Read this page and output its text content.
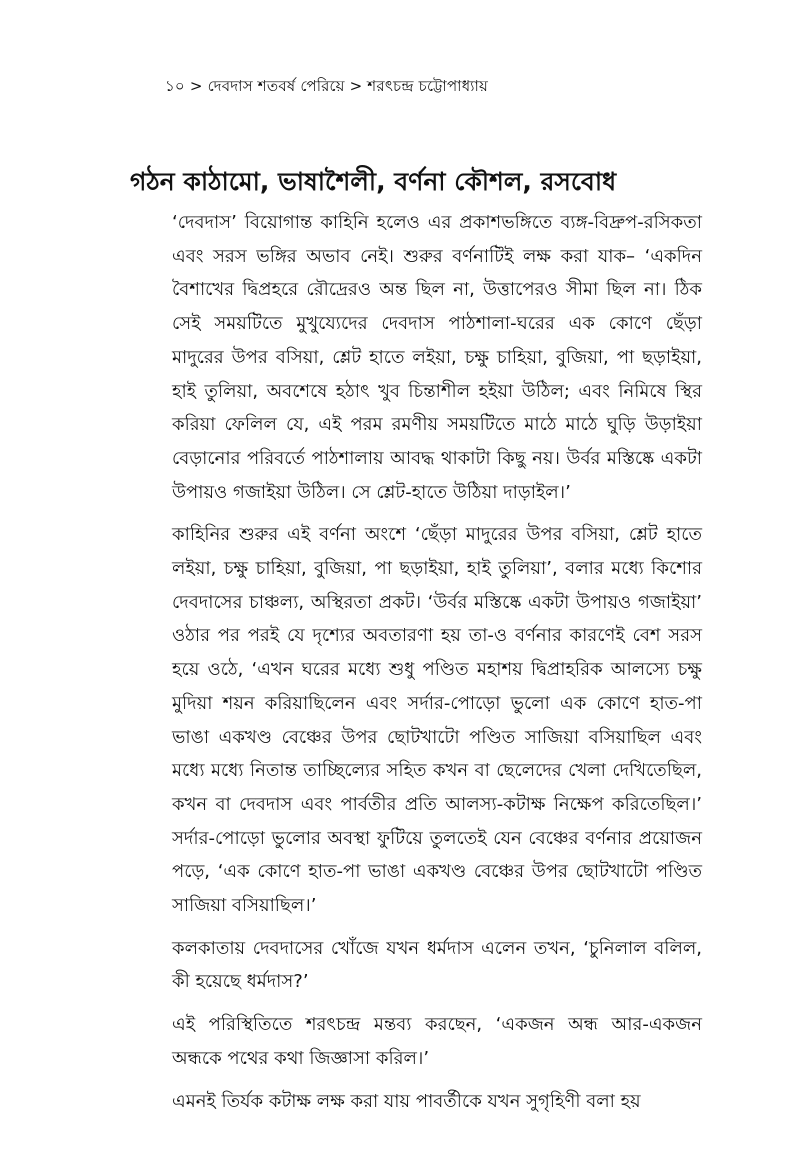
১০ > দেবদাস শতবর্ষ পেরিয়ে > শরৎচন্দ্র চট্টোপাধ্যায়
গঠন কাঠামো, ভাষাশৈলী, বর্ণনা কৌশল, রসবোধ

‘দেবদাস’ বিয়োগান্ত কাহিনি হলেও এর প্রকাশভঙ্গিতে ব্যঙ্গ-বিদ্রুপ-রসিকতা এবং সরস ভঙ্গির অভাব নেই। শুরুর বর্ণনাটিই লক্ষ করা যাক– ‘একদিন বৈশাখের দ্বিপ্রহরে রৌদ্রেরও অন্ত ছিল না, উত্তাপেরও সীমা ছিল না। ঠিক সেই সময়টিতে মুখুয্যেদের দেবদাস পাঠশালা-ঘরের এক কোণে ছেঁড়া মাদুরের উপর বসিয়া, শ্লেট হাতে লইয়া, চক্ষু চাহিয়া, বুজিয়া, পা ছড়াইয়া, হাই তুলিয়া, অবশেষে হঠাৎ খুব চিন্তাশীল হইয়া উঠিল; এবং নিমিষে স্থির করিয়া ফেলিল যে, এই পরম রমণীয় সময়টিতে মাঠে মাঠে ঘুড়ি উড়াইয়া বেড়ানোর পরিবর্তে পাঠশালায় আবদ্ধ থাকাটা কিছু নয়। উর্বর মস্তিষ্কে একটা উপায়ও গজাইয়া উঠিল। সে শ্লেট-হাতে উঠিয়া দাড়াইল।’

কাহিনির শুরুর এই বর্ণনা অংশে ‘ছেঁড়া মাদুরের উপর বসিয়া, শ্লেট হাতে লইয়া, চক্ষু চাহিয়া, বুজিয়া, পা ছড়াইয়া, হাই তুলিয়া’, বলার মধ্যে কিশোর দেবদাসের চাঞ্চল্য, অস্থিরতা প্রকট। ‘উর্বর মস্তিষ্কে একটা উপায়ও গজাইয়া’ ওঠার পর পরই যে দৃশ্যের অবতারণা হয় তা-ও বর্ণনার কারণেই বেশ সরস হয়ে ওঠে, ‘এখন ঘরের মধ্যে শুধু পণ্ডিত মহাশয় দ্বিপ্রাহরিক আলস্যে চক্ষু মুদিয়া শয়ন করিয়াছিলেন এবং সর্দার-পোড়ো ভুলো এক কোণে হাত-পা ভাঙা একখণ্ড বেঞ্চের উপর ছোটখাটো পণ্ডিত সাজিয়া বসিয়াছিল এবং মধ্যে মধ্যে নিতান্ত তাচ্ছিল্যের সহিত কখন বা ছেলেদের খেলা দেখিতেছিল, কখন বা দেবদাস এবং পার্বতীর প্রতি আলস্য-কটাক্ষ নিক্ষেপ করিতেছিল।’ সর্দার-পোড়ো ভুলোর অবস্থা ফুটিয়ে তুলতেই যেন বেঞ্চের বর্ণনার প্রয়োজন পড়ে, ‘এক কোণে হাত-পা ভাঙা একখণ্ড বেঞ্চের উপর ছোটখাটো পণ্ডিত সাজিয়া বসিয়াছিল।’

কলকাতায় দেবদাসের খোঁজে যখন ধর্মদাস এলেন তখন, ‘চুনিলাল বলিল, কী হয়েছে ধর্মদাস?’

এই পরিস্থিতিতে শরৎচন্দ্র মন্তব্য করছেন, ‘একজন অন্ধ আর-একজন অন্ধকে পথের কথা জিজ্ঞাসা করিল।’

এমনই তির্যক কটাক্ষ লক্ষ করা যায় পাবর্তীকে যখন সুগৃহিণী বলা হয়
